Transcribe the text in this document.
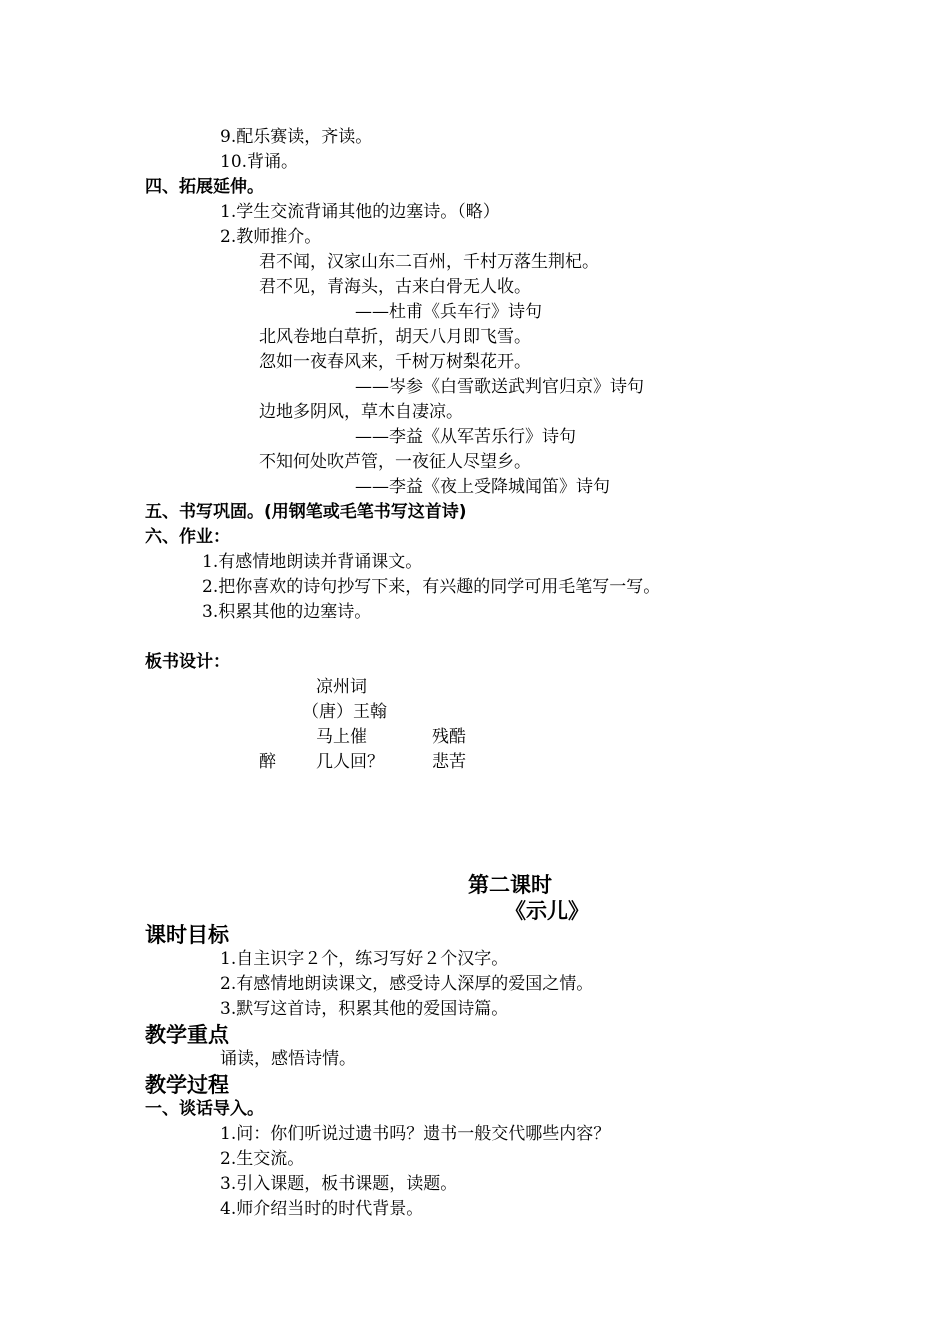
9.配乐赛读，齐读。
10.背诵。
四、拓展延伸。
1.学生交流背诵其他的边塞诗。（略）
2.教师推介。
君不闻，汉家山东二百州，千村万落生荆杞。
君不见，青海头，古来白骨无人收。
——杜甫《兵车行》诗句
北风卷地白草折，胡天八月即飞雪。
忽如一夜春风来，千树万树梨花开。
——岑参《白雪歌送武判官归京》诗句
边地多阴风，草木自凄凉。
——李益《从军苦乐行》诗句
不知何处吹芦管，一夜征人尽望乡。
——李益《夜上受降城闻笛》诗句
五、书写巩固。(用钢笔或毛笔书写这首诗)
六、作业：
1.有感情地朗读并背诵课文。
2.把你喜欢的诗句抄写下来，有兴趣的同学可用毛笔写一写。
3.积累其他的边塞诗。
板书设计：
凉州词
（唐）王翰
马上催	残酷
醉 几人回？	悲苦
第二课时
《示儿》
课时目标
1.自主识字２个，练习写好２个汉字。
2.有感情地朗读课文，感受诗人深厚的爱国之情。
3.默写这首诗，积累其他的爱国诗篇。
教学重点
诵读，感悟诗情。
教学过程
一、谈话导入。
1.问：你们听说过遗书吗？遗书一般交代哪些内容？
2.生交流。
3.引入课题，板书课题，读题。
4.师介绍当时的时代背景。
